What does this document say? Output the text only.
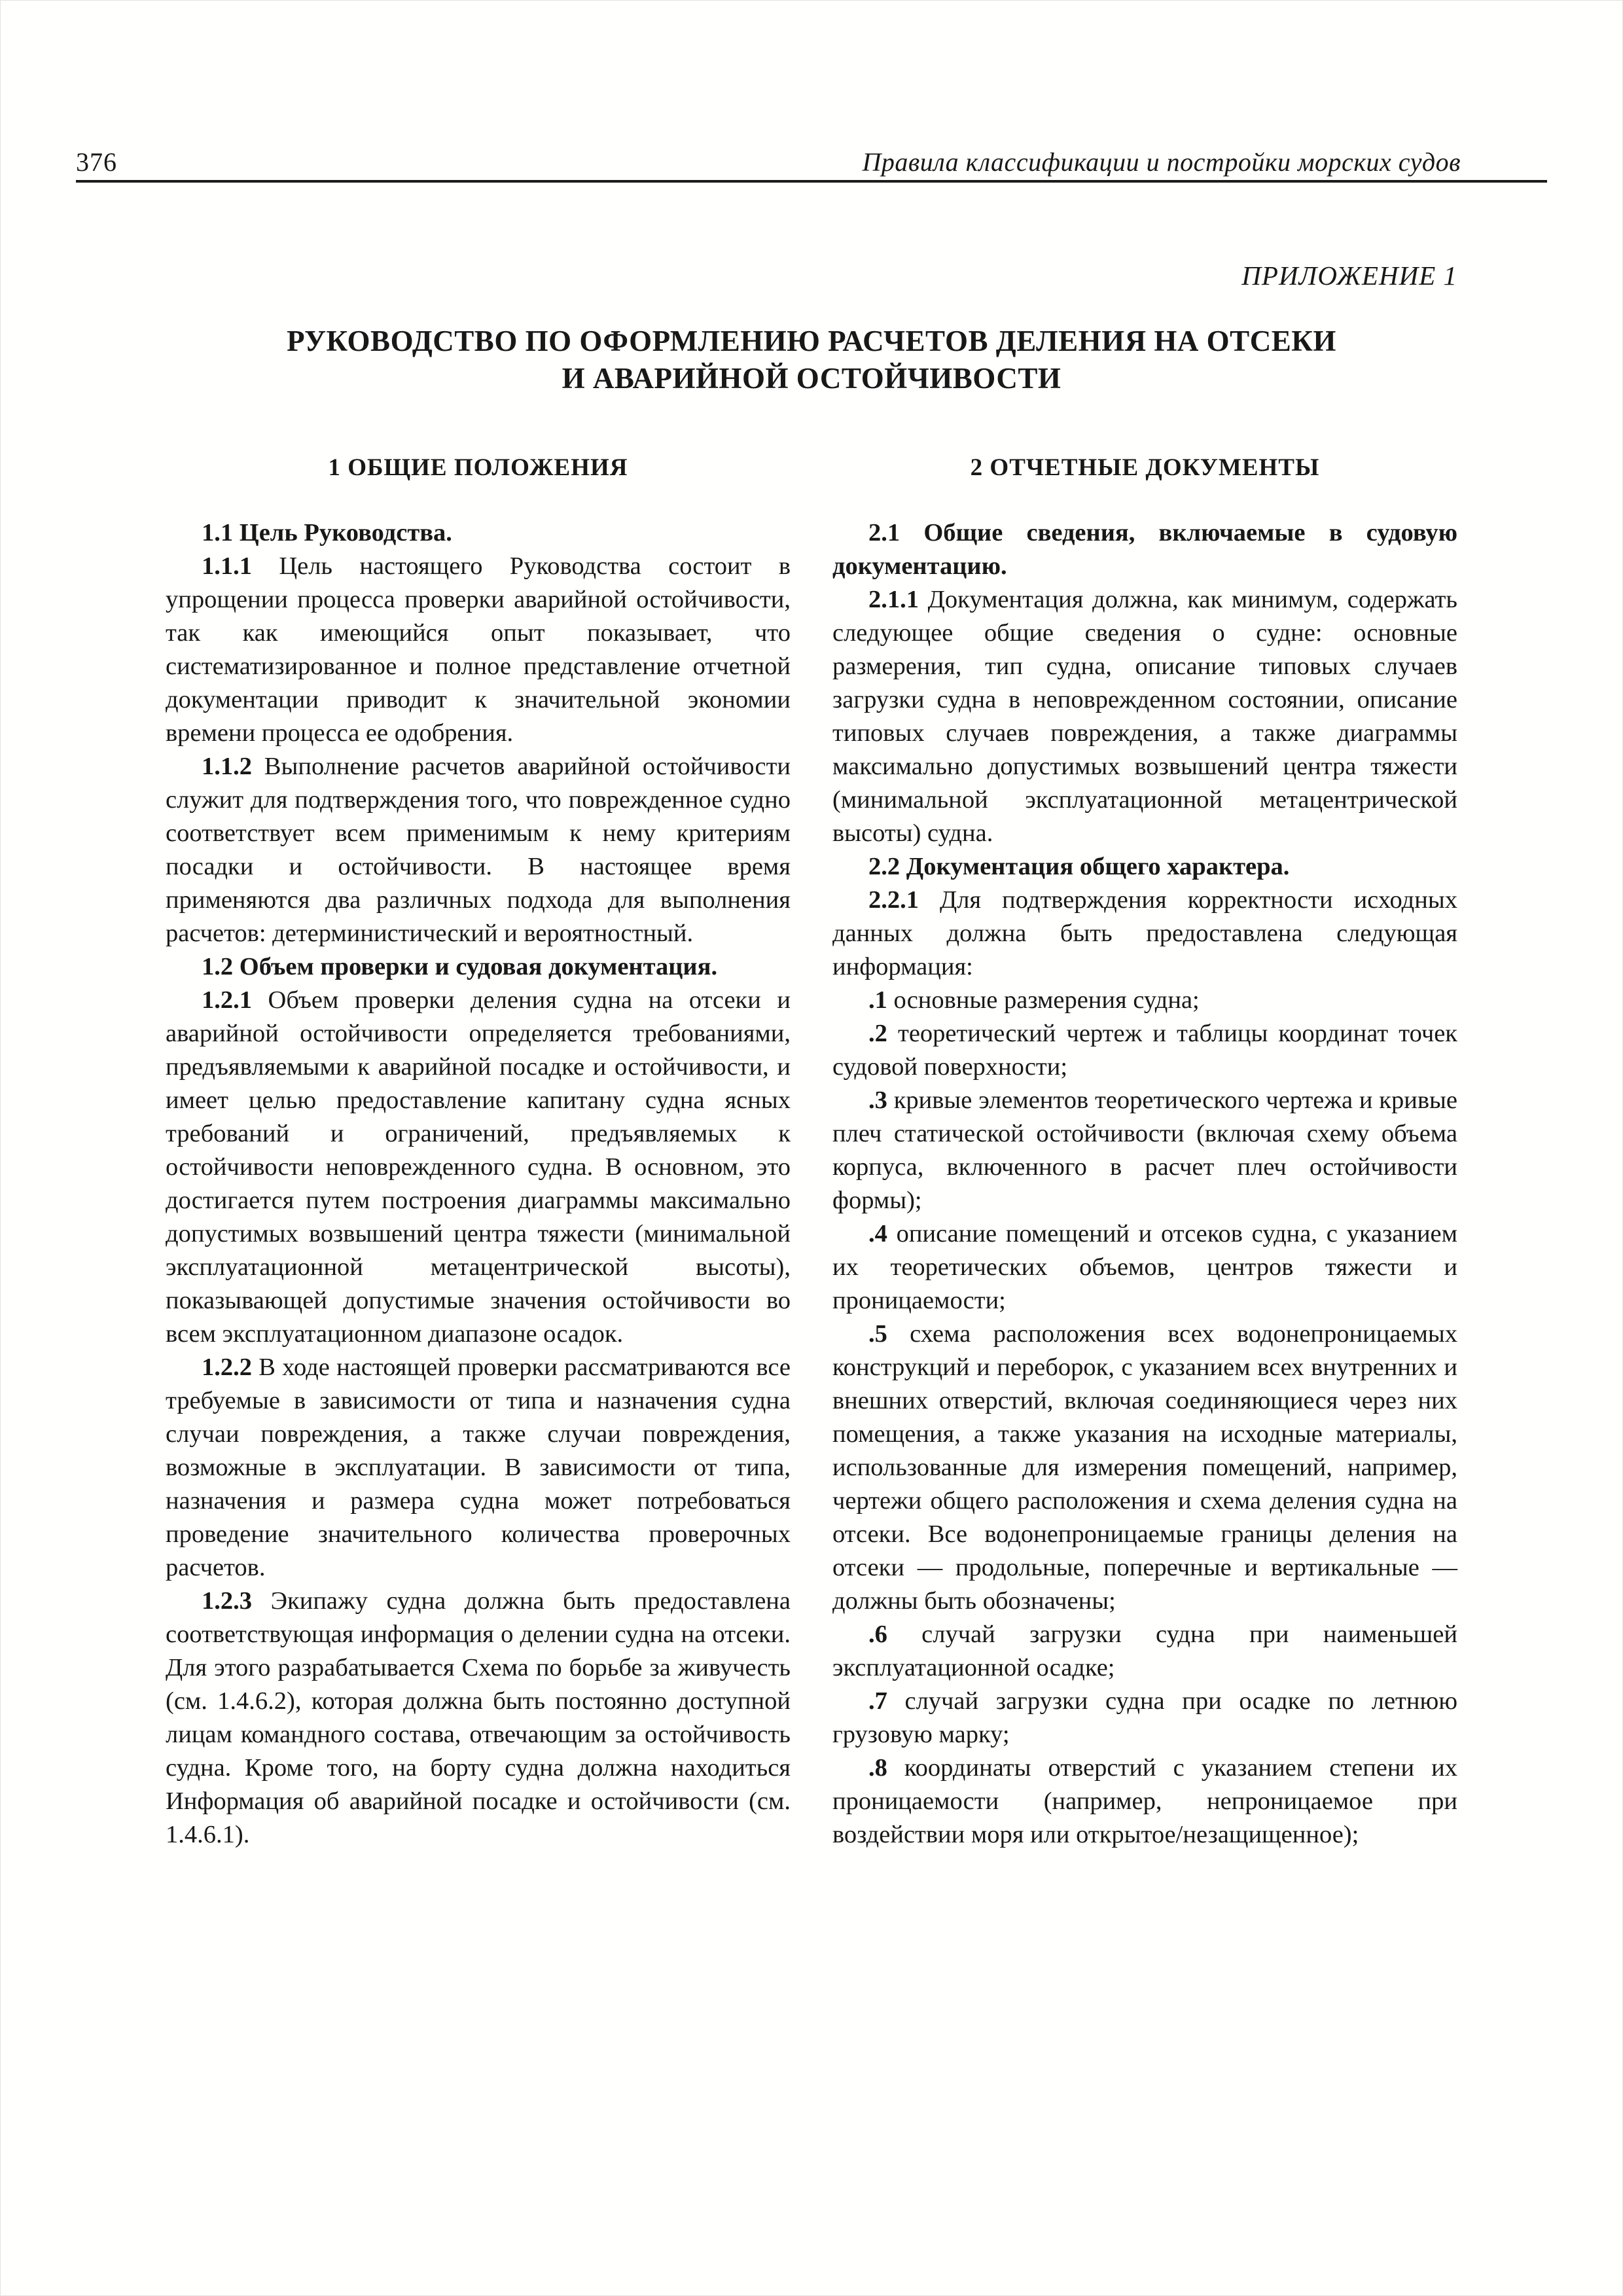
376	Правила классификации и постройки морских судов
ПРИЛОЖЕНИЕ 1
РУКОВОДСТВО ПО ОФОРМЛЕНИЮ РАСЧЕТОВ ДЕЛЕНИЯ НА ОТСЕКИ
И АВАРИЙНОЙ ОСТОЙЧИВОСТИ
1 ОБЩИЕ ПОЛОЖЕНИЯ

1.1 Цель Руководства.

1.1.1 Цель настоящего Руководства состоит в упрощении процесса проверки аварийной остойчивости, так как имеющийся опыт показывает, что систематизированное и полное представление отчетной документации приводит к значительной экономии времени процесса ее одобрения.

1.1.2 Выполнение расчетов аварийной остойчивости служит для подтверждения того, что поврежденное судно соответствует всем применимым к нему критериям посадки и остойчивости. В настоящее время применяются два различных подхода для выполнения расчетов: детерминистический и вероятностный.

1.2 Объем проверки и судовая документация.

1.2.1 Объем проверки деления судна на отсеки и аварийной остойчивости определяется требованиями, предъявляемыми к аварийной посадке и остойчивости, и имеет целью предоставление капитану судна ясных требований и ограничений, предъявляемых к остойчивости неповрежденного судна. В основном, это достигается путем построения диаграммы максимально допустимых возвышений центра тяжести (минимальной эксплуатационной метацентрической высоты), показывающей допустимые значения остойчивости во всем эксплуатационном диапазоне осадок.

1.2.2 В ходе настоящей проверки рассматриваются все требуемые в зависимости от типа и назначения судна случаи повреждения, а также случаи повреждения, возможные в эксплуатации. В зависимости от типа, назначения и размера судна может потребоваться проведение значительного количества проверочных расчетов.

1.2.3 Экипажу судна должна быть предоставлена соответствующая информация о делении судна на отсеки. Для этого разрабатывается Схема по борьбе за живучесть (см. 1.4.6.2), которая должна быть постоянно доступной лицам командного состава, отвечающим за остойчивость судна. Кроме того, на борту судна должна находиться Информация об аварийной посадке и остойчивости (см. 1.4.6.1).

2 ОТЧЕТНЫЕ ДОКУМЕНТЫ

2.1 Общие сведения, включаемые в судовую документацию.

2.1.1 Документация должна, как минимум, содержать следующее общие сведения о судне: основные размерения, тип судна, описание типовых случаев загрузки судна в неповрежденном состоянии, описание типовых случаев повреждения, а также диаграммы максимально допустимых возвышений центра тяжести (минимальной эксплуатационной метацентрической высоты) судна.

2.2 Документация общего характера.

2.2.1 Для подтверждения корректности исходных данных должна быть предоставлена следующая информация:

.1 основные размерения судна;

.2 теоретический чертеж и таблицы координат точек судовой поверхности;

.3 кривые элементов теоретического чертежа и кривые плеч статической остойчивости (включая схему объема корпуса, включенного в расчет плеч остойчивости формы);

.4 описание помещений и отсеков судна, с указанием их теоретических объемов, центров тяжести и проницаемости;

.5 схема расположения всех водонепроницаемых конструкций и переборок, с указанием всех внутренних и внешних отверстий, включая соединяющиеся через них помещения, а также указания на исходные материалы, использованные для измерения помещений, например, чертежи общего расположения и схема деления судна на отсеки. Все водонепроницаемые границы деления на отсеки — продольные, поперечные и вертикальные — должны быть обозначены;

.6 случай загрузки судна при наименьшей эксплуатационной осадке;

.7 случай загрузки судна при осадке по летнюю грузовую марку;

.8 координаты отверстий с указанием степени их проницаемости (например, непроницаемое при воздействии моря или открытое/незащищенное);
